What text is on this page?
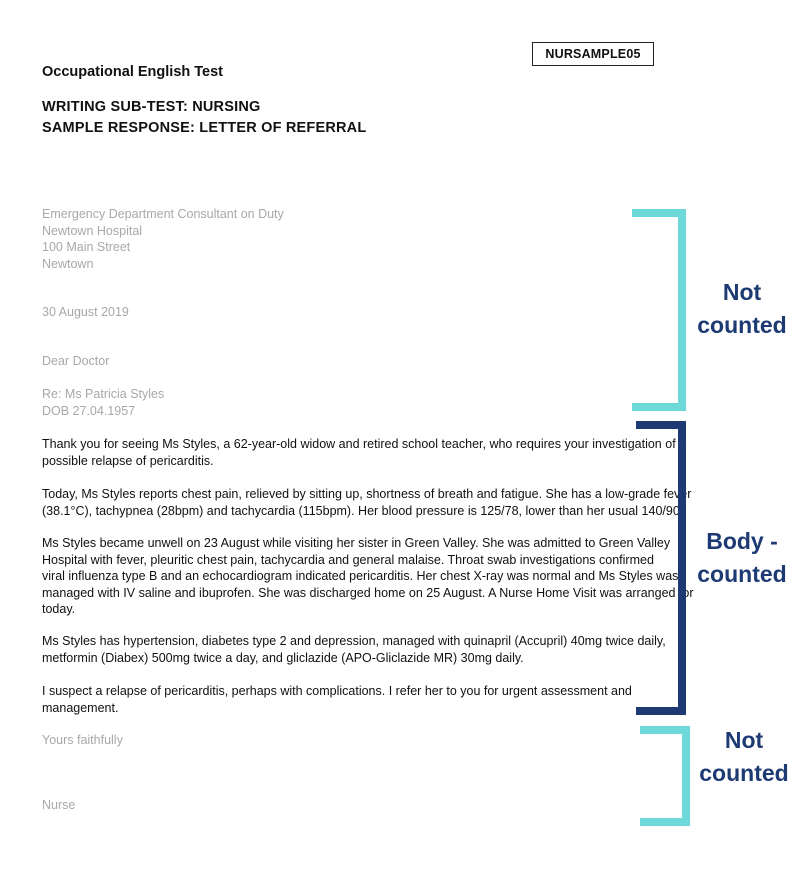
NURSAMPLE05
Occupational English Test
WRITING SUB-TEST: NURSING
SAMPLE RESPONSE: LETTER OF REFERRAL
Emergency Department Consultant on Duty
Newtown Hospital
100 Main Street
Newtown
30 August 2019
Dear Doctor
Re: Ms Patricia Styles
DOB 27.04.1957
Thank you for seeing Ms Styles, a 62-year-old widow and retired school teacher, who requires your investigation of a
possible relapse of pericarditis.
Today, Ms Styles reports chest pain, relieved by sitting up, shortness of breath and fatigue. She has a low-grade fever
(38.1°C), tachypnea (28bpm) and tachycardia (115bpm). Her blood pressure is 125/78, lower than her usual 140/90.
Ms Styles became unwell on 23 August while visiting her sister in Green Valley. She was admitted to Green Valley
Hospital with fever, pleuritic chest pain, tachycardia and general malaise. Throat swab investigations confirmed
viral influenza type B and an echocardiogram indicated pericarditis. Her chest X-ray was normal and Ms Styles was
managed with IV saline and ibuprofen. She was discharged home on 25 August. A Nurse Home Visit was arranged for
today.
Ms Styles has hypertension, diabetes type 2 and depression, managed with quinapril (Accupril) 40mg twice daily,
metformin (Diabex) 500mg twice a day, and gliclazide (APO-Gliclazide MR) 30mg daily.
I suspect a relapse of pericarditis, perhaps with complications. I refer her to you for urgent assessment and
management.
Yours faithfully
Nurse
Not
counted
Body -
counted
Not
counted
